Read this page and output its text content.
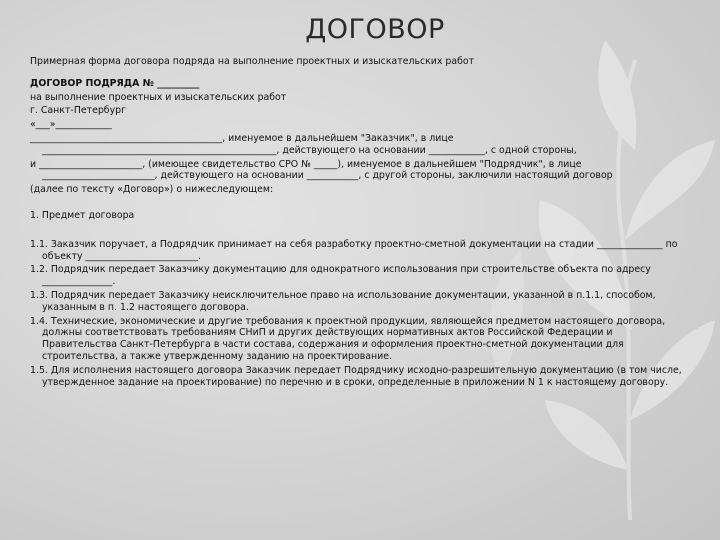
ДОГОВОР
Примерная форма договора подряда на выполнение проектных и изыскательских работ
ДОГОВОР ПОДРЯДА № _________
на выполнение проектных и изыскательских работ
г. Санкт-Петербург
«___»____________
_________________________________________, именуемое в дальнейшем "Заказчик", в лице __________________________________________________, действующего на основании ____________, с одной стороны,
и ______________________, (имеющее свидетельство СРО № _____), именуемое в дальнейшем "Подрядчик", в лице ________________________, действующего на основании ___________, с другой стороны, заключили настоящий договор
(далее по тексту «Договор») о нижеследующем:
1. Предмет договора
1.1. Заказчик поручает, а Подрядчик принимает на себя разработку проектно-сметной документации на стадии ______________ по объекту ________________________.
1.2. Подрядчик передает Заказчику документацию для однократного использования при строительстве объекта по адресу _______________.
1.3. Подрядчик передает Заказчику неисключительное право на использование документации, указанной в п.1.1, способом, указанным в п. 1.2 настоящего договора.
1.4. Технические, экономические и другие требования к проектной продукции, являющейся предметом настоящего договора, должны соответствовать требованиям СНиП и других действующих нормативных актов Российской Федерации и Правительства Санкт-Петербурга в части состава, содержания и оформления проектно-сметной документации для строительства, а также утвержденному заданию на проектирование.
1.5. Для исполнения настоящего договора Заказчик передает Подрядчику исходно-разрешительную документацию (в том числе, утвержденное задание на проектирование) по перечню и в сроки, определенные в приложении N 1 к настоящему договору.
